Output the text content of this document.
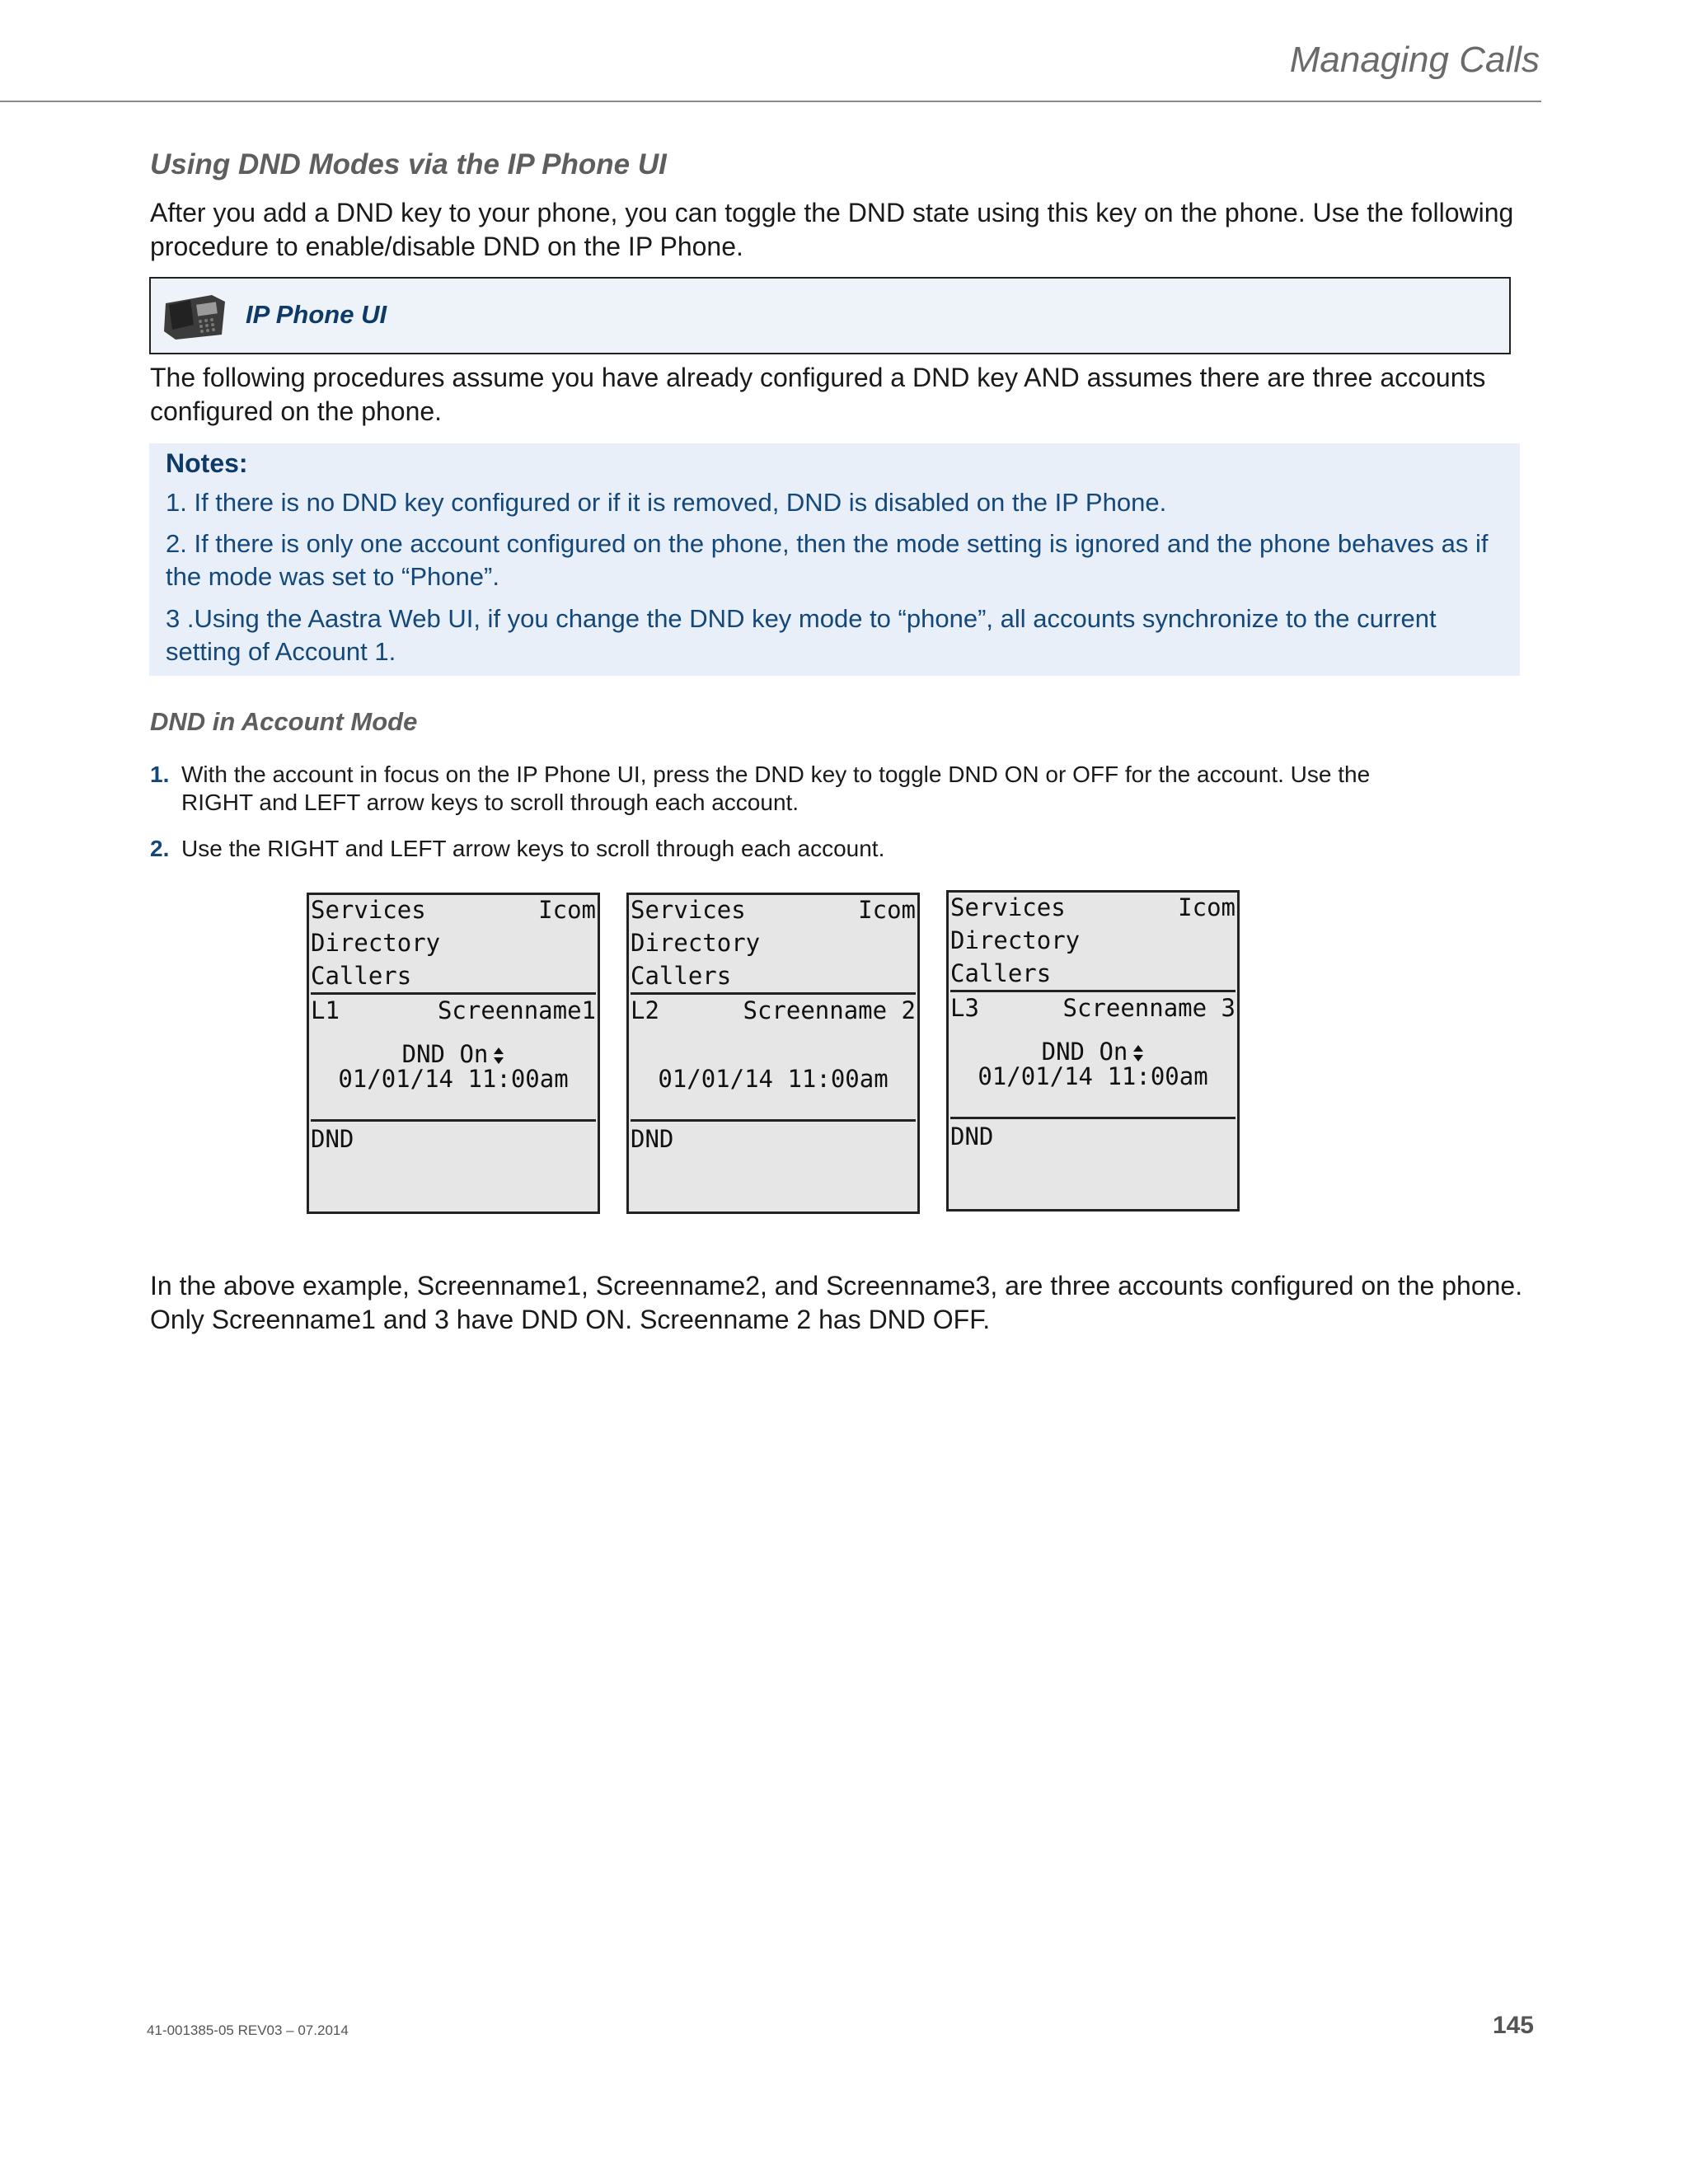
Managing Calls
Using DND Modes via the IP Phone UI
After you add a DND key to your phone, you can toggle the DND state using this key on the phone. Use the following procedure to enable/disable DND on the IP Phone.
IP Phone UI
The following procedures assume you have already configured a DND key AND assumes there are three accounts configured on the phone.
Notes:
1. If there is no DND key configured or if it is removed, DND is disabled on the IP Phone.
2. If there is only one account configured on the phone, then the mode setting is ignored and the phone behaves as if the mode was set to “Phone”.
3 .Using the Aastra Web UI, if you change the DND key mode to “phone”, all accounts synchronize to the current setting of Account 1.
DND in Account Mode
1. With the account in focus on the IP Phone UI, press the DND key to toggle DND ON or OFF for the account. Use the RIGHT and LEFT arrow keys to scroll through each account.
2. Use the RIGHT and LEFT arrow keys to scroll through each account.
Services	Icom
Directory
Callers
L1	Screenname1
DND On
01/01/14 11:00am
DND
Services	Icom
Directory
Callers
L2	Screenname 2
01/01/14 11:00am
DND
Services	Icom
Directory
Callers
L3	Screenname 3
DND On
01/01/14 11:00am
DND
In the above example, Screenname1, Screenname2, and Screenname3, are three accounts configured on the phone. Only Screenname1 and 3 have DND ON. Screenname 2 has DND OFF.
41-001385-05 REV03 – 07.2014	145
